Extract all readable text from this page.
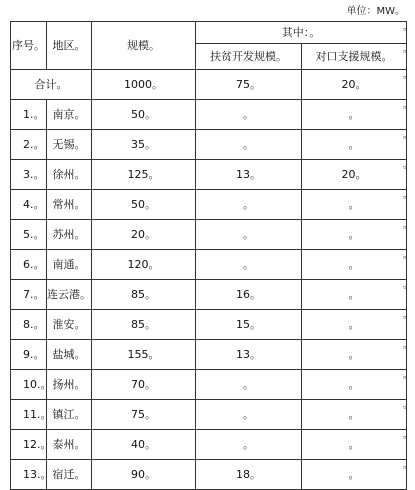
单位：MW。
序号。	地区。	规模。	其中：。	
			扶贫开发规模。	对口支援规模。
合计。		1000。	75。	20。
1.。	南京。	50。	。	。
2.。	无锡。	35。	。	。
3.。	徐州。	125。	13。	20。
4.。	常州。	50。	。	。
5.。	苏州。	20。	。	。
6.。	南通。	120。	。	。
7.。	连云港。	85。	16。	。
8.。	淮安。	85。	15。	。
9.。	盐城。	155。	13。	。
10.。	扬州。	70。	。	。
11.。	镇江。	75。	。	。
12.。	泰州。	40。	。	。
13.。	宿迁。	90。	18。	。
。
。
。
。
。
。
。
。
。
。
。
。
。
。
。
。
